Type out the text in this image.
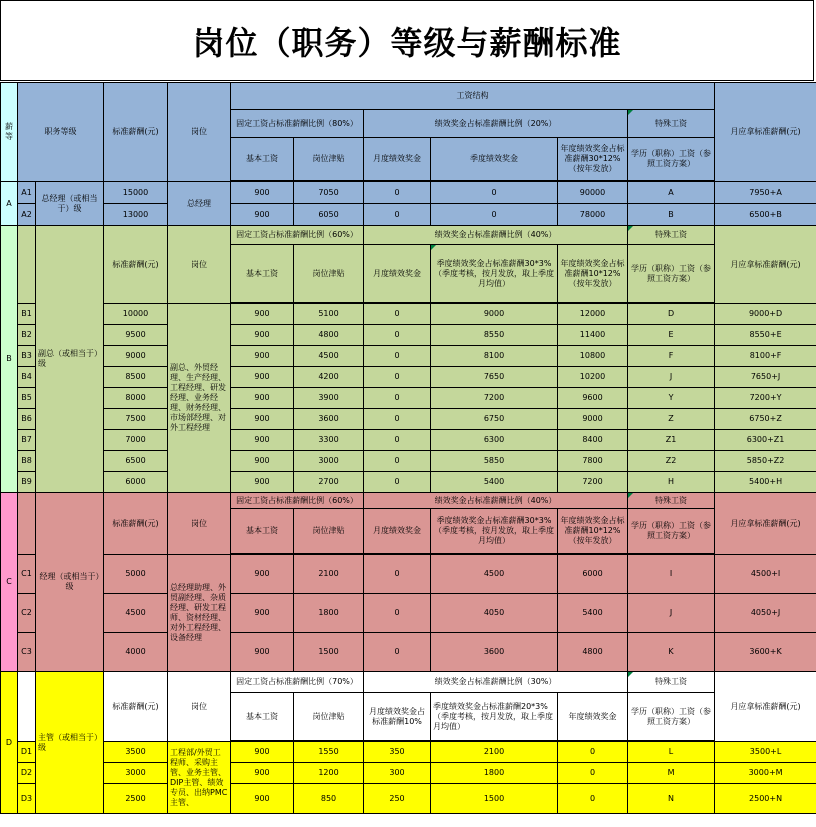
岗位（职务）等级与薪酬标准
薪等	职务等级		标准薪酬(元)	岗位	工资结构						月应拿标准薪酬(元)
					固定工资占标准薪酬比例（80%）		绩效奖金占标准薪酬比例（20%）			特殊工资	
					基本工资	岗位津贴	月度绩效奖金	季度绩效奖金	年度绩效奖金占标准薪酬30*12%（按年发放）	学历（职称）工资（参照工资方案）	

A	A1	总经理（或相当于）级	15000	总经理	900	7050	0	0	90000	A	7950+A
	A2		13000		900	6050	0	0	78000	B	6500+B
B		副总（或相当于）级	标准薪酬(元)	岗位	固定工资占标准薪酬比例（60%）		绩效奖金占标准薪酬比例（40%）			特殊工资	月应拿标准薪酬(元)
					基本工资	岗位津贴	月度绩效奖金	季度绩效奖金占标准薪酬30*3%（季度考核，按月发放，取上季度月均值）	年度绩效奖金占标准薪酬10*12%（按年发放）	学历（职称）工资（参照工资方案）	

	B1		10000	副总、外贸经理、生产经理、工程经理、研发经理、业务经理、财务经理、市场部经理、对外工程经理	900	5100	0	9000	12000	D	9000+D
	B2		9500		900	4800	0	8550	11400	E	8550+E
	B3		9000		900	4500	0	8100	10800	F	8100+F
	B4		8500		900	4200	0	7650	10200	J	7650+J
	B5		8000		900	3900	0	7200	9600	Y	7200+Y
	B6		7500		900	3600	0	6750	9000	Z	6750+Z
	B7		7000		900	3300	0	6300	8400	Z1	6300+Z1
	B8		6500		900	3000	0	5850	7800	Z2	5850+Z2
	B9		6000		900	2700	0	5400	7200	H	5400+H
C		经理（或相当于）级	标准薪酬(元)	岗位	固定工资占标准薪酬比例（60%）		绩效奖金占标准薪酬比例（40%）			特殊工资	月应拿标准薪酬(元)
					基本工资	岗位津贴	月度绩效奖金	季度绩效奖金占标准薪酬30*3%（季度考核，按月发放，取上季度月均值）	年度绩效奖金占标准薪酬10*12%（按年发放）	学历（职称）工资（参照工资方案）	

	C1		5000	总经理助理、外贸副经理、杂质经理、研发工程师、资材经理、对外工程经理、设备经理	900	2100	0	4500	6000	I	4500+I
	C2		4500		900	1800	0	4050	5400	J	4050+J
	C3		4000		900	1500	0	3600	4800	K	3600+K
D		主管（或相当于）级	标准薪酬(元)	岗位	固定工资占标准薪酬比例（70%）		绩效奖金占标准薪酬比例（30%）			特殊工资	月应拿标准薪酬(元)
					基本工资	岗位津贴	月度绩效奖金占标准薪酬10%	季度绩效奖金占标准薪酬20*3%（季度考核，按月发放，取上季度月均值）	年度绩效奖金	学历（职称）工资（参照工资方案）	

	D1		3500	工程部/外贸工程师、采购主管、业务主管、DIP主管、绩效专员、出纳PMC主管、	900	1550	350	2100	0	L	3500+L
	D2		3000		900	1200	300	1800	0	M	3000+M
	D3		2500		900	850	250	1500	0	N	2500+N
